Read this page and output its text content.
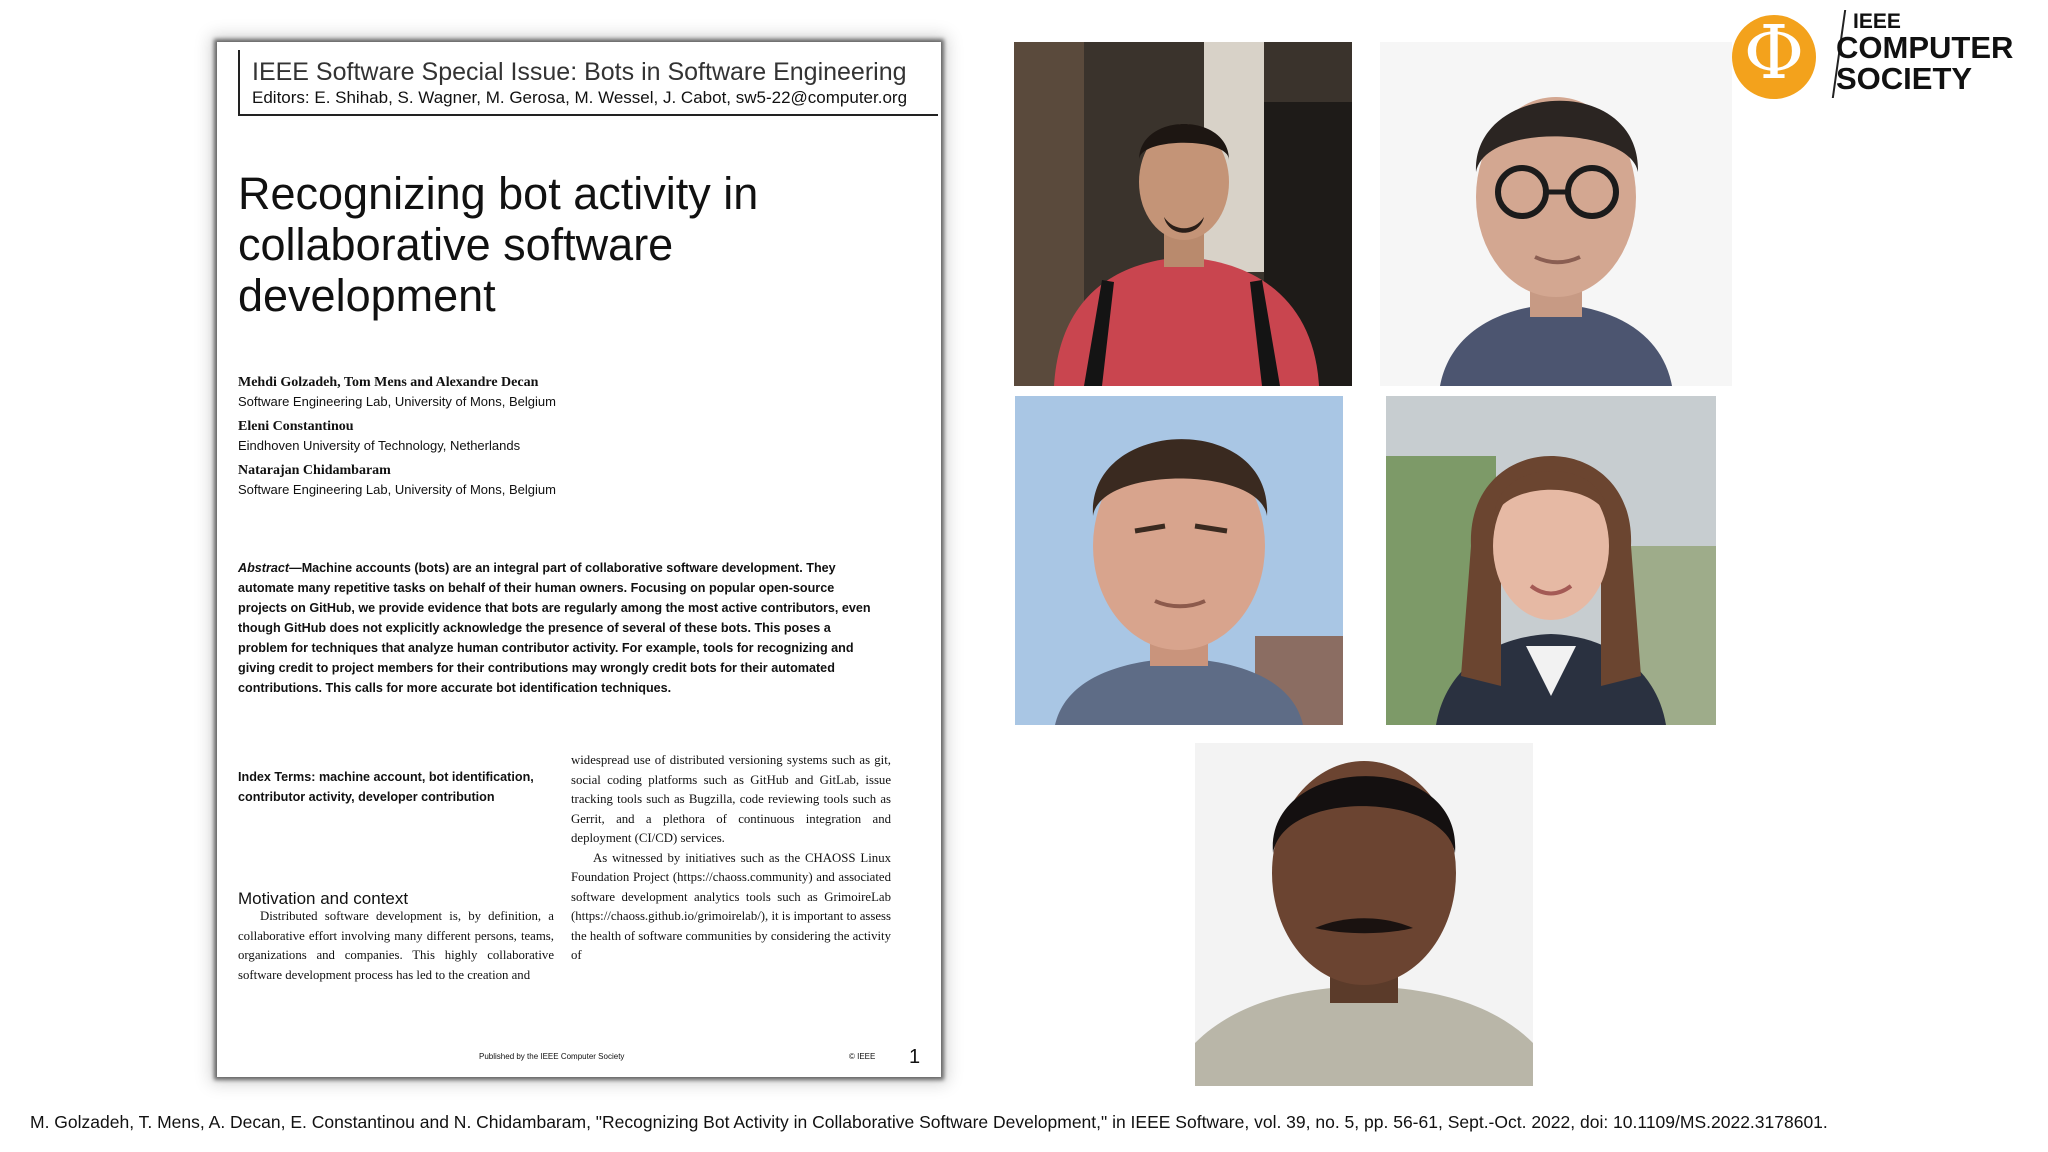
IEEE Software Special Issue: Bots in Software Engineering
Editors: E. Shihab, S. Wagner, M. Gerosa, M. Wessel, J. Cabot, sw5-22@computer.org
Recognizing bot activity in collaborative software development
Mehdi Golzadeh, Tom Mens and Alexandre Decan
Software Engineering Lab, University of Mons, Belgium
Eleni Constantinou
Eindhoven University of Technology, Netherlands
Natarajan Chidambaram
Software Engineering Lab, University of Mons, Belgium
Abstract—Machine accounts (bots) are an integral part of collaborative software development. They automate many repetitive tasks on behalf of their human owners. Focusing on popular open-source projects on GitHub, we provide evidence that bots are regularly among the most active contributors, even though GitHub does not explicitly acknowledge the presence of several of these bots. This poses a problem for techniques that analyze human contributor activity. For example, tools for recognizing and giving credit to project members for their contributions may wrongly credit bots for their automated contributions. This calls for more accurate bot identification techniques.
Index Terms: machine account, bot identification, contributor activity, developer contribution
Motivation and context
Distributed software development is, by definition, a collaborative effort involving many different persons, teams, organizations and companies. This highly collaborative software development process has led to the creation and
widespread use of distributed versioning systems such as git, social coding platforms such as GitHub and GitLab, issue tracking tools such as Bugzilla, code reviewing tools such as Gerrit, and a plethora of continuous integration and deployment (CI/CD) services.
As witnessed by initiatives such as the CHAOSS Linux Foundation Project (https://chaoss.community) and associated software development analytics tools such as GrimoireLab (https://chaoss.github.io/grimoirelab/), it is important to assess the health of software communities by considering the activity of
Published by the IEEE Computer Society	© IEEE 1
Φ	IEEE
COMPUTER
SOCIETY
M. Golzadeh, T. Mens, A. Decan, E. Constantinou and N. Chidambaram, "Recognizing Bot Activity in Collaborative Software Development," in IEEE Software, vol. 39, no. 5, pp. 56-61, Sept.-Oct. 2022, doi: 10.1109/MS.2022.3178601.
